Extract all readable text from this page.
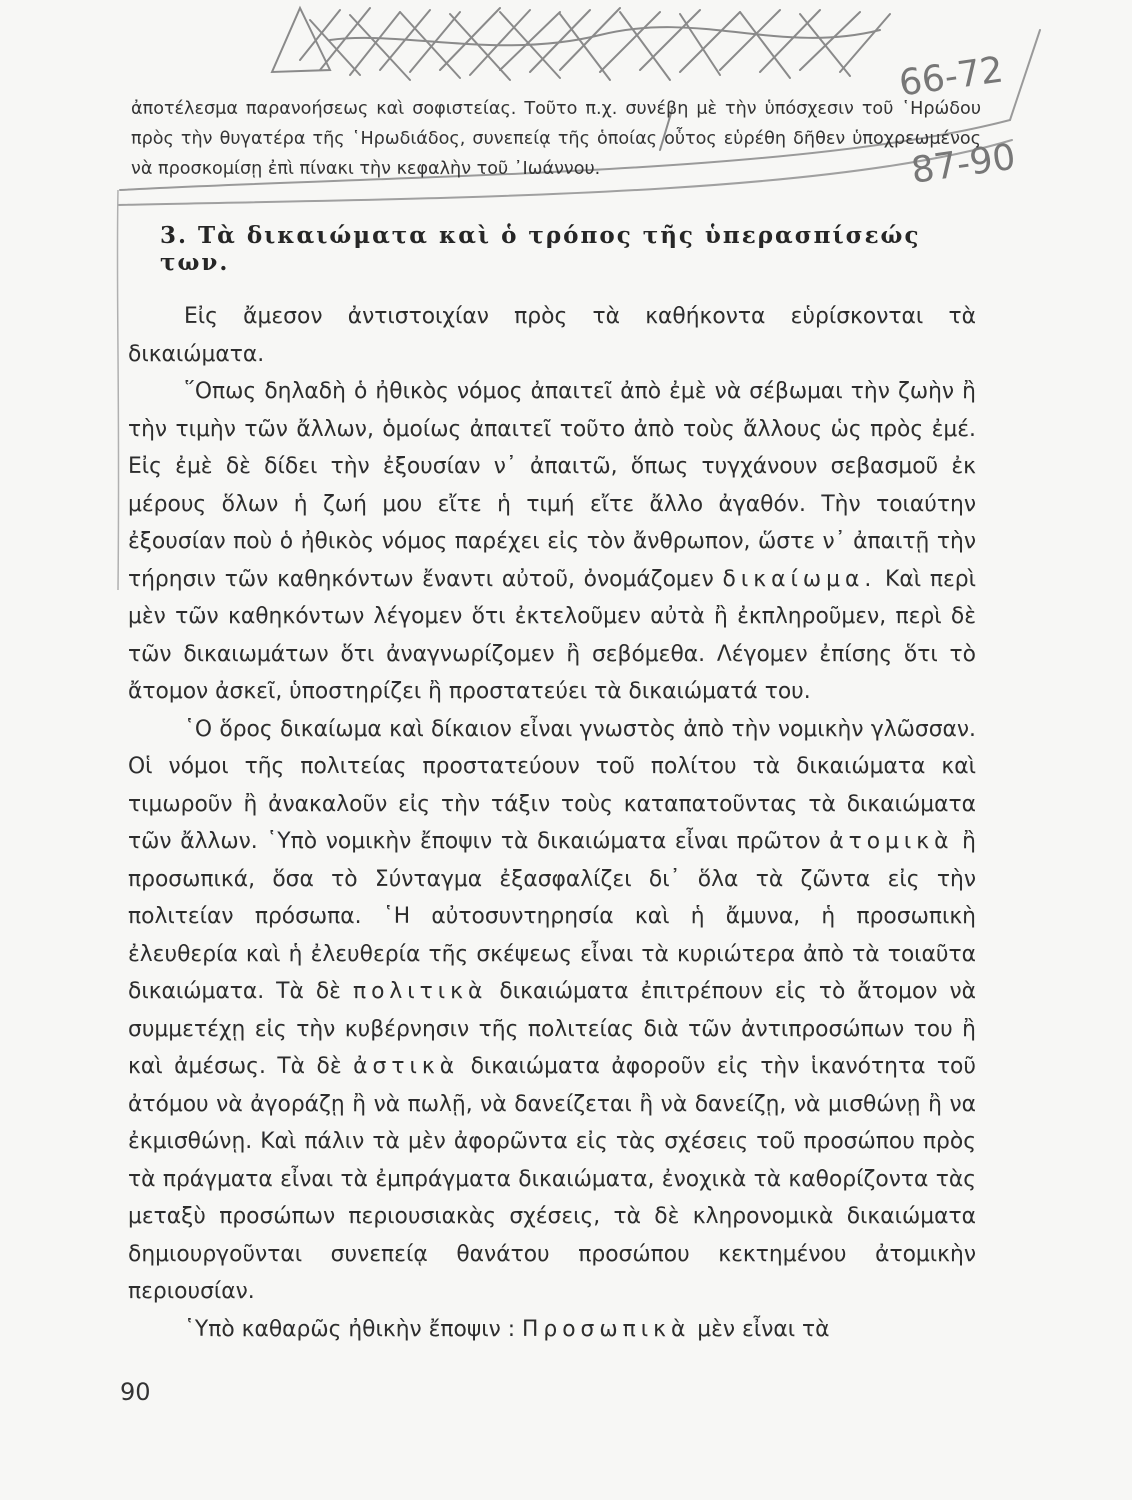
66-72

87-90

ἀποτέλεσμα παρανοήσεως καὶ σοφιστείας. Τοῦτο π.χ. συνέβη μὲ τὴν ὑπόσχεσιν τοῦ ῾Ηρώδου πρὸς τὴν θυγατέρα τῆς ῾Ηρωδιάδος, συνεπείᾳ τῆς ὁποίας οὗτος εὑρέθη δῆθεν ὑποχρεωμένος νὰ προσκομίσῃ ἐπὶ πίνακι τὴν κεφαλὴν τοῦ ᾿Ιωάννου.

3. Τὰ δικαιώματα καὶ ὁ τρόπος τῆς ὑπερασπίσεώς των.

Εἰς ἄμεσον ἀντιστοιχίαν πρὸς τὰ καθήκοντα εὑρίσκονται τὰ δικαιώματα.

῞Οπως δηλαδὴ ὁ ἠθικὸς νόμος ἀπαιτεῖ ἀπὸ ἐμὲ νὰ σέβωμαι τὴν ζωὴν ἢ τὴν τιμὴν τῶν ἄλλων, ὁμοίως ἀπαιτεῖ τοῦτο ἀπὸ τοὺς ἄλλους ὡς πρὸς ἐμέ. Εἰς ἐμὲ δὲ δίδει τὴν ἐξουσίαν ν᾿ ἀπαιτῶ, ὅπως τυγχάνουν σεβασμοῦ ἐκ μέρους ὅλων ἡ ζωή μου εἴτε ἡ τιμή εἴτε ἄλλο ἀγαθόν. Τὴν τοιαύτην ἐξουσίαν ποὺ ὁ ἠθικὸς νόμος παρέχει εἰς τὸν ἄνθρωπον, ὥστε ν᾿ ἀπαιτῇ τὴν τήρησιν τῶν καθηκόντων ἔναντι αὐτοῦ, ὀνομάζομεν δικαίωμα. Καὶ περὶ μὲν τῶν καθηκόντων λέγομεν ὅτι ἐκτελοῦμεν αὐτὰ ἢ ἐκπληροῦμεν, περὶ δὲ τῶν δικαιωμάτων ὅτι ἀναγνωρίζομεν ἢ σεβόμεθα. Λέγομεν ἐπίσης ὅτι τὸ ἄτομον ἀσκεῖ, ὑποστηρίζει ἢ προστατεύει τὰ δικαιώματά του.

῾Ο ὅρος δικαίωμα καὶ δίκαιον εἶναι γνωστὸς ἀπὸ τὴν νομικὴν γλῶσσαν. Οἱ νόμοι τῆς πολιτείας προστατεύουν τοῦ πολίτου τὰ δικαιώματα καὶ τιμωροῦν ἢ ἀνακαλοῦν εἰς τὴν τάξιν τοὺς καταπατοῦντας τὰ δικαιώματα τῶν ἄλλων. ῾Υπὸ νομικὴν ἔποψιν τὰ δικαιώματα εἶναι πρῶτον ἀτομικὰ ἢ προσωπικά, ὅσα τὸ Σύνταγμα ἐξασφαλίζει δι᾿ ὅλα τὰ ζῶντα εἰς τὴν πολιτείαν πρόσωπα. ῾Η αὐτοσυντηρησία καὶ ἡ ἄμυνα, ἡ προσωπικὴ ἐλευθερία καὶ ἡ ἐλευθερία τῆς σκέψεως εἶναι τὰ κυριώτερα ἀπὸ τὰ τοιαῦτα δικαιώματα. Τὰ δὲ πολιτικὰ δικαιώματα ἐπιτρέπουν εἰς τὸ ἄτομον νὰ συμμετέχῃ εἰς τὴν κυβέρνησιν τῆς πολιτείας διὰ τῶν ἀντιπροσώπων του ἢ καὶ ἀμέσως. Τὰ δὲ ἀστικὰ δικαιώματα ἀφοροῦν εἰς τὴν ἱκανότητα τοῦ ἀτόμου νὰ ἀγοράζῃ ἢ νὰ πωλῇ, νὰ δανείζεται ἢ νὰ δανείζῃ, νὰ μισθώνῃ ἢ να ἐκμισθώνῃ. Καὶ πάλιν τὰ μὲν ἀφορῶντα εἰς τὰς σχέσεις τοῦ προσώπου πρὸς τὰ πράγματα εἶναι τὰ ἐμπράγματα δικαιώματα, ἐνοχικὰ τὰ καθορίζοντα τὰς μεταξὺ προσώπων περιουσιακὰς σχέσεις, τὰ δὲ κληρονομικὰ δικαιώματα δημιουργοῦνται συνεπείᾳ θανάτου προσώπου κεκτημένου ἀτομικὴν περιουσίαν.

῾Υπὸ καθαρῶς ἠθικὴν ἔποψιν : Προσωπικὰ μὲν εἶναι τὰ

90
